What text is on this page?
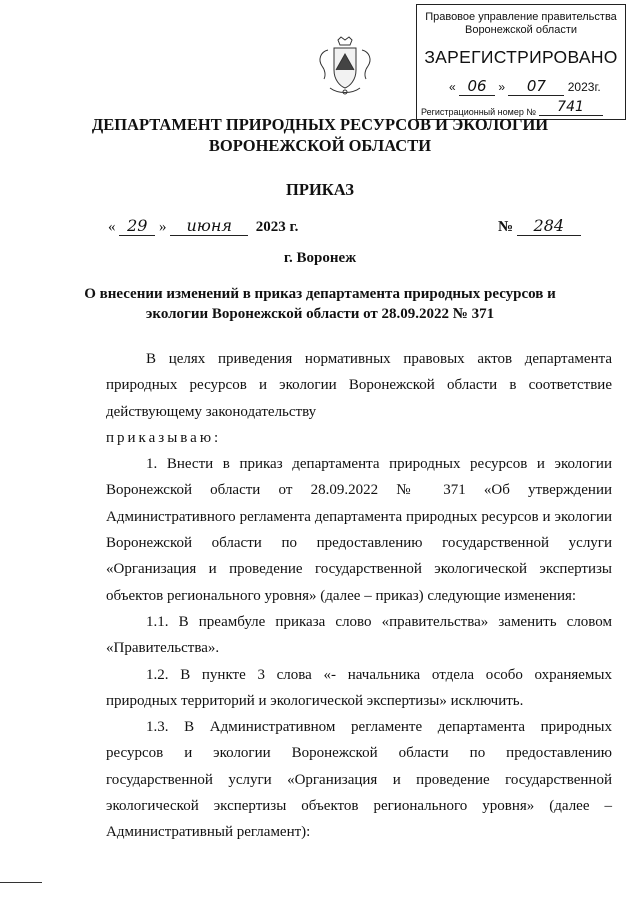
Правовое управление правительства
Воронежской области
ЗАРЕГИСТРИРОВАНО
« 06 » 07 2023г.
Регистрационный номер № 741
ДЕПАРТАМЕНТ ПРИРОДНЫХ РЕСУРСОВ И ЭКОЛОГИИ
ВОРОНЕЖСКОЙ ОБЛАСТИ
ПРИКАЗ
« 29 » июня 2023 г.	№ 284
г. Воронеж
О внесении изменений в приказ департамента природных ресурсов и
экологии Воронежской области от 28.09.2022 № 371

В целях приведения нормативных правовых актов департамента природных ресурсов и экологии Воронежской области в соответствие действующему законодательству

приказываю:

1. Внести в приказ департамента природных ресурсов и экологии Воронежской области от 28.09.2022 № 371 «Об утверждении Административного регламента департамента природных ресурсов и экологии Воронежской области по предоставлению государственной услуги «Организация и проведение государственной экологической экспертизы объектов регионального уровня» (далее – приказ) следующие изменения:

1.1. В преамбуле приказа слово «правительства» заменить словом «Правительства».

1.2. В пункте 3 слова «- начальника отдела особо охраняемых природных территорий и экологической экспертизы» исключить.

1.3. В Административном регламенте департамента природных ресурсов и экологии Воронежской области по предоставлению государственной услуги «Организация и проведение государственной экологической экспертизы объектов регионального уровня» (далее – Административный регламент):
